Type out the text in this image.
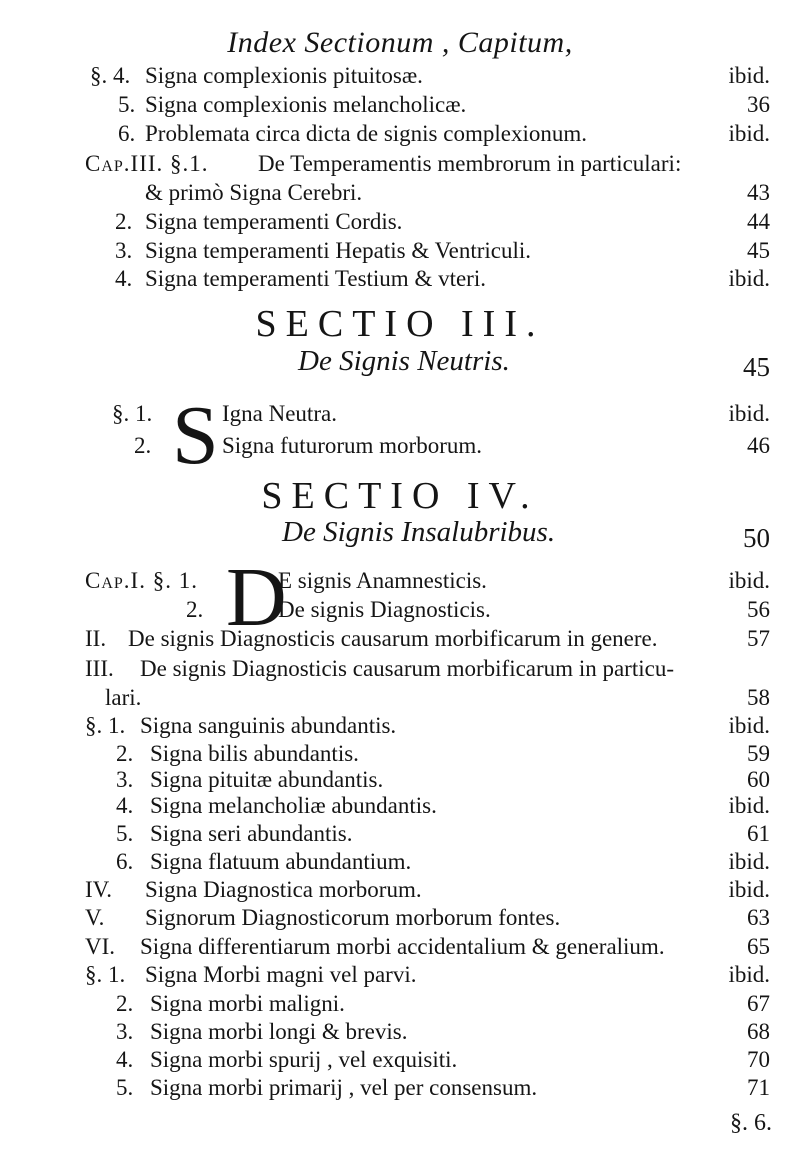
Index Sectionum , Capitum,
§. 4. Signa complexionis pituitosæ.	ibid.
5. Signa complexionis melancholicæ.	36
6. Problemata circa dicta de signis complexionum.	ibid.
Cap.III. §.1. De Temperamentis membrorum in particulari:
& primò Signa Cerebri.	43
2. Signa temperamenti Cordis.	44
3. Signa temperamenti Hepatis & Ventriculi.	45
4. Signa temperamenti Testium & vteri.	ibid.
SECTIO III.
De Signis Neutris.	45
S
§. 1.	Igna Neutra.	ibid.
2.	Signa futurorum morborum.	46
SECTIO IV.
De Signis Insalubribus.	50
D
Cap.I. §. 1.	E signis Anamnesticis.	ibid.
2.	De signis Diagnosticis.	56
II. De signis Diagnosticis causarum morbificarum in genere.	57
III. De signis Diagnosticis causarum morbificarum in particu-
lari.	58
§. 1. Signa sanguinis abundantis.	ibid.
2. Signa bilis abundantis.	59
3. Signa pituitæ abundantis.	60
4. Signa melancholiæ abundantis.	ibid.
5. Signa seri abundantis.	61
6. Signa flatuum abundantium.	ibid.
IV. Signa Diagnostica morborum.	ibid.
V. Signorum Diagnosticorum morborum fontes.	63
VI. Signa differentiarum morbi accidentalium & generalium.	65
§. 1. Signa Morbi magni vel parvi.	ibid.
2. Signa morbi maligni.	67
3. Signa morbi longi & brevis.	68
4. Signa morbi spurij , vel exquisiti.	70
5. Signa morbi primarij , vel per consensum.	71
§. 6.
